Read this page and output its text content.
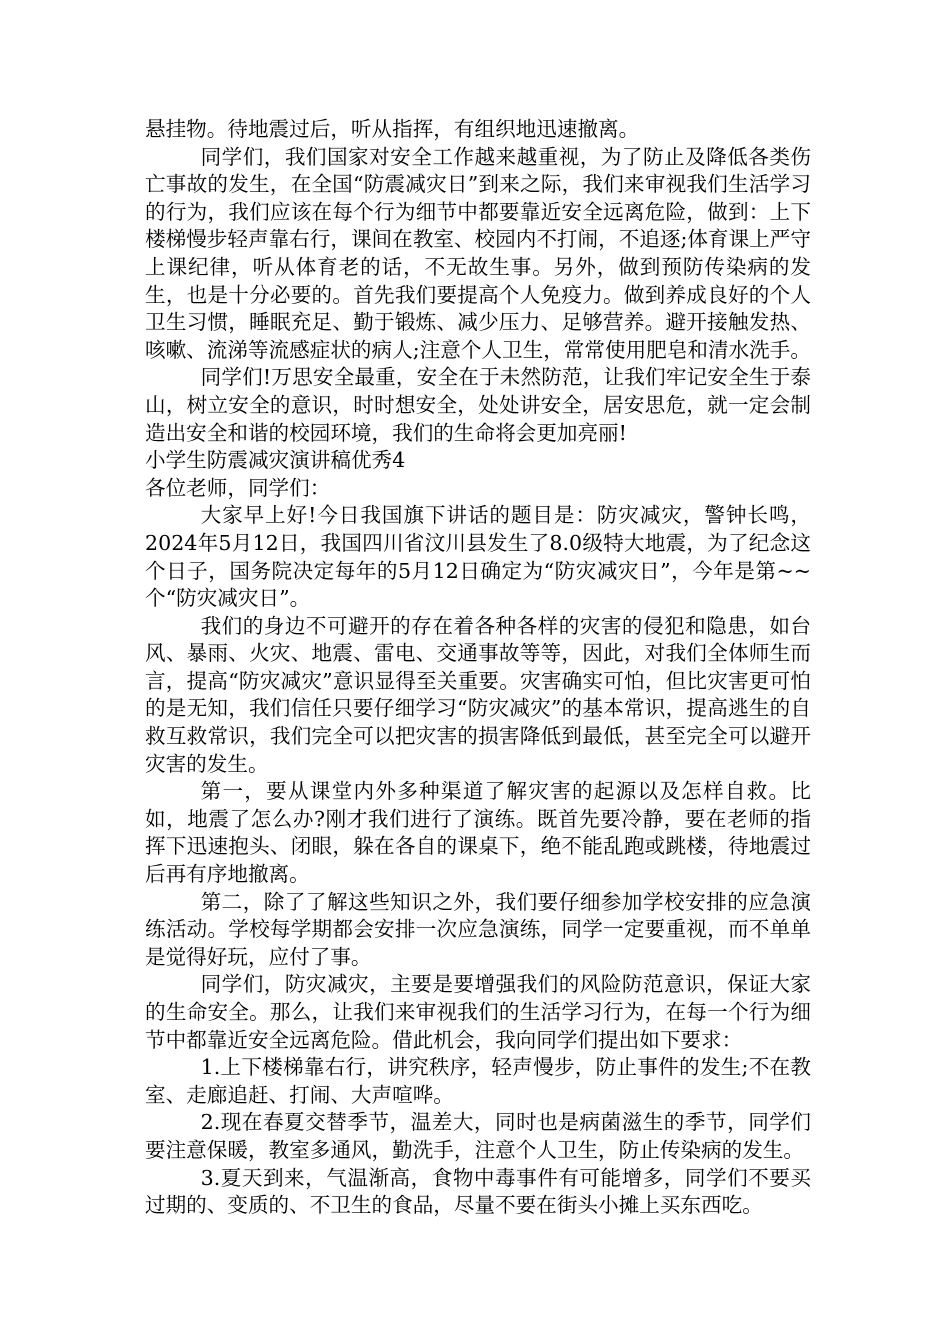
悬挂物。待地震过后，听从指挥，有组织地迅速撤离。

同学们，我们国家对安全工作越来越重视，为了防止及降低各类伤亡事故的发生，在全国“防震减灾日”到来之际，我们来审视我们生活学习的行为，我们应该在每个行为细节中都要靠近安全远离危险，做到：上下楼梯慢步轻声靠右行，课间在教室、校园内不打闹，不追逐;体育课上严守上课纪律，听从体育老的话，不无故生事。另外，做到预防传染病的发生，也是十分必要的。首先我们要提高个人免疫力。做到养成良好的个人卫生习惯，睡眠充足、勤于锻炼、减少压力、足够营养。避开接触发热、咳嗽、流涕等流感症状的病人;注意个人卫生，常常使用肥皂和清水洗手。

同学们!万思安全最重，安全在于未然防范，让我们牢记安全生于泰山，树立安全的意识，时时想安全，处处讲安全，居安思危，就一定会制造出安全和谐的校园环境，我们的生命将会更加亮丽!

小学生防震减灾演讲稿优秀4

各位老师，同学们：

大家早上好!今日我国旗下讲话的题目是：防灾减灾，警钟长鸣，2024年5月12日，我国四川省汶川县发生了8.0级特大地震，为了纪念这个日子，国务院决定每年的5月12日确定为“防灾减灾日”，今年是第~~个“防灾减灾日”。

我们的身边不可避开的存在着各种各样的灾害的侵犯和隐患，如台风、暴雨、火灾、地震、雷电、交通事故等等，因此，对我们全体师生而言，提高“防灾减灾”意识显得至关重要。灾害确实可怕，但比灾害更可怕的是无知，我们信任只要仔细学习“防灾减灾”的基本常识，提高逃生的自救互救常识，我们完全可以把灾害的损害降低到最低，甚至完全可以避开灾害的发生。

第一，要从课堂内外多种渠道了解灾害的起源以及怎样自救。比如，地震了怎么办?刚才我们进行了演练。既首先要冷静，要在老师的指挥下迅速抱头、闭眼，躲在各自的课桌下，绝不能乱跑或跳楼，待地震过后再有序地撤离。

第二，除了了解这些知识之外，我们要仔细参加学校安排的应急演练活动。学校每学期都会安排一次应急演练，同学一定要重视，而不单单是觉得好玩，应付了事。

同学们，防灾减灾，主要是要增强我们的风险防范意识，保证大家的生命安全。那么，让我们来审视我们的生活学习行为，在每一个行为细节中都靠近安全远离危险。借此机会，我向同学们提出如下要求：

1.上下楼梯靠右行，讲究秩序，轻声慢步，防止事件的发生;不在教室、走廊追赶、打闹、大声喧哗。

2.现在春夏交替季节，温差大，同时也是病菌滋生的季节，同学们要注意保暖，教室多通风，勤洗手，注意个人卫生，防止传染病的发生。

3.夏天到来，气温渐高，食物中毒事件有可能增多，同学们不要买过期的、变质的、不卫生的食品，尽量不要在街头小摊上买东西吃。
